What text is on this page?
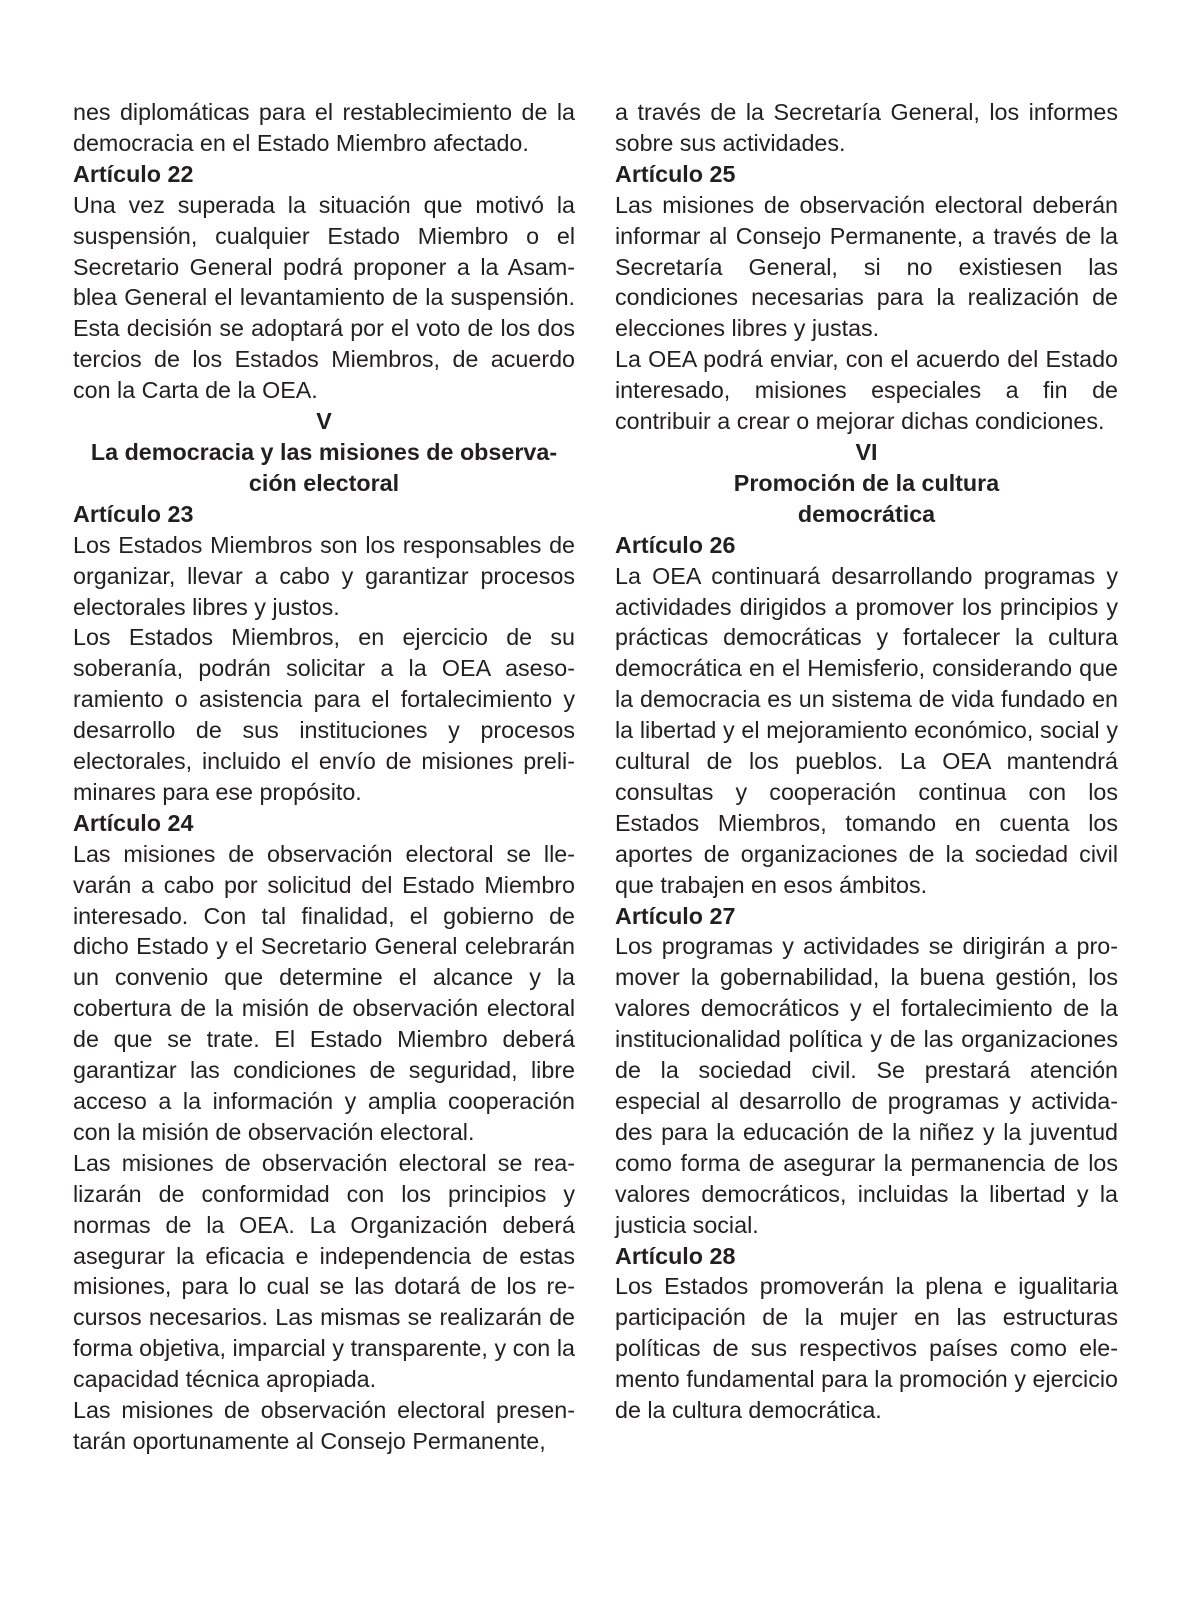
nes diplomáticas para el restablecimiento de la democracia en el Estado Miembro afectado.

Artículo 22

Una vez superada la situación que motivó la suspensión, cualquier Estado Miembro o el Secretario General podrá proponer a la Asamblea General el levantamiento de la suspensión. Esta decisión se adoptará por el voto de los dos tercios de los Estados Miembros, de acuerdo con la Carta de la OEA.

V
La democracia y las misiones de observación electoral
Artículo 23

Los Estados Miembros son los responsables de organizar, llevar a cabo y garantizar procesos electorales libres y justos.

Los Estados Miembros, en ejercicio de su soberanía, podrán solicitar a la OEA asesoramiento o asistencia para el fortalecimiento y desarrollo de sus instituciones y procesos electorales, incluido el envío de misiones preliminares para ese propósito.

Artículo 24

Las misiones de observación electoral se llevarán a cabo por solicitud del Estado Miembro interesado. Con tal finalidad, el gobierno de dicho Estado y el Secretario General celebrarán un convenio que determine el alcance y la cobertura de la misión de observación electoral de que se trate. El Estado Miembro deberá garantizar las condiciones de seguridad, libre acceso a la información y amplia cooperación con la misión de observación electoral.

Las misiones de observación electoral se realizarán de conformidad con los principios y normas de la OEA. La Organización deberá asegurar la eficacia e independencia de estas misiones, para lo cual se las dotará de los recursos necesarios. Las mismas se realizarán de forma objetiva, imparcial y transparente, y con la capacidad técnica apropiada.

Las misiones de observación electoral presentarán oportunamente al Consejo Permanente,

a través de la Secretaría General, los informes sobre sus actividades.

Artículo 25

Las misiones de observación electoral deberán informar al Consejo Permanente, a través de la Secretaría General, si no existiesen las condiciones necesarias para la realización de elecciones libres y justas.

La OEA podrá enviar, con el acuerdo del Estado interesado, misiones especiales a fin de contribuir a crear o mejorar dichas condiciones.

VI
Promoción de la cultura
democrática
Artículo 26

La OEA continuará desarrollando programas y actividades dirigidos a promover los principios y prácticas democráticas y fortalecer la cultura democrática en el Hemisferio, considerando que la democracia es un sistema de vida fundado en la libertad y el mejoramiento económico, social y cultural de los pueblos. La OEA mantendrá consultas y cooperación continua con los Estados Miembros, tomando en cuenta los aportes de organizaciones de la sociedad civil que trabajen en esos ámbitos.

Artículo 27

Los programas y actividades se dirigirán a promover la gobernabilidad, la buena gestión, los valores democráticos y el fortalecimiento de la institucionalidad política y de las organizaciones de la sociedad civil. Se prestará atención especial al desarrollo de programas y actividades para la educación de la niñez y la juventud como forma de asegurar la permanencia de los valores democráticos, incluidas la libertad y la justicia social.

Artículo 28

Los Estados promoverán la plena e igualitaria participación de la mujer en las estructuras políticas de sus respectivos países como elemento fundamental para la promoción y ejercicio de la cultura democrática.
